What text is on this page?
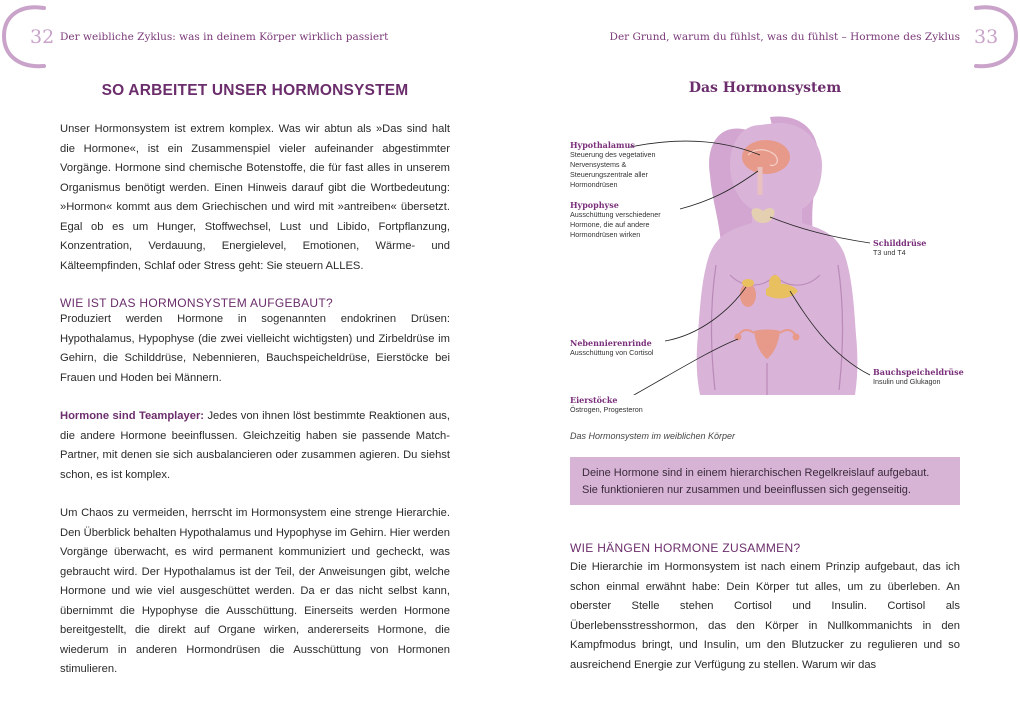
32	33
Der weibliche Zyklus: was in deinem Körper wirklich passiert	Der Grund, warum du fühlst, was du fühlst – Hormone des Zyklus
SO ARBEITET UNSER HORMONSYSTEM

Unser Hormonsystem ist extrem komplex. Was wir abtun als »Das sind halt die Hormone«, ist ein Zusammenspiel vieler aufeinander abgestimmter Vorgänge. Hormone sind chemische Botenstoffe, die für fast alles in unserem Organismus benötigt werden. Einen Hinweis darauf gibt die Wortbedeutung: »Hormon« kommt aus dem Griechischen und wird mit »antreiben« übersetzt. Egal ob es um Hunger, Stoffwechsel, Lust und Libido, Fortpflanzung, Konzentration, Verdauung, Energielevel, Emotionen, Wärme- und Kälteempfinden, Schlaf oder Stress geht: Sie steuern ALLES.

WIE IST DAS HORMONSYSTEM AUFGEBAUT?

Produziert werden Hormone in sogenannten endokrinen Drüsen: Hypothalamus, Hypophyse (die zwei vielleicht wichtigsten) und Zirbeldrüse im Gehirn, die Schilddrüse, Nebennieren, Bauchspeicheldrüse, Eierstöcke bei Frauen und Hoden bei Männern.

Hormone sind Teamplayer: Jedes von ihnen löst bestimmte Reaktionen aus, die andere Hormone beeinflussen. Gleichzeitig haben sie passende Match-Partner, mit denen sie sich ausbalancieren oder zusammen agieren. Du siehst schon, es ist komplex.

Um Chaos zu vermeiden, herrscht im Hormonsystem eine strenge Hierarchie. Den Überblick behalten Hypothalamus und Hypophyse im Gehirn. Hier werden Vorgänge überwacht, es wird permanent kommuniziert und gecheckt, was gebraucht wird. Der Hypothalamus ist der Teil, der Anweisungen gibt, welche Hormone und wie viel ausgeschüttet werden. Da er das nicht selbst kann, übernimmt die Hypophyse die Ausschüttung. Einerseits werden Hormone bereitgestellt, die direkt auf Organe wirken, andererseits Hormone, die wiederum in anderen Hormondrüsen die Ausschüttung von Hormonen stimulieren.

Das Hormonsystem
Hypothalamus
Steuerung des vegetativen Nervensystems & Steuerungszentrale aller Hormondrüsen
Hypophyse
Ausschüttung verschiedener Hormone, die auf andere Hormondrüsen wirken
Schilddrüse
T3 und T4
Nebennierenrinde
Ausschüttung von Cortisol
Bauchspeicheldrüse
Insulin und Glukagon
Eierstöcke
Östrogen, Progesteron
Das Hormonsystem im weiblichen Körper
Deine Hormone sind in einem hierarchischen Regelkreislauf aufgebaut. Sie funktionieren nur zusammen und beeinflussen sich gegenseitig.
WIE HÄNGEN HORMONE ZUSAMMEN?

Die Hierarchie im Hormonsystem ist nach einem Prinzip aufgebaut, das ich schon einmal erwähnt habe: Dein Körper tut alles, um zu überleben. An oberster Stelle stehen Cortisol und Insulin. Cortisol als Überlebensstresshormon, das den Körper in Nullkommanichts in den Kampfmodus bringt, und Insulin, um den Blutzucker zu regulieren und so ausreichend Energie zur Verfügung zu stellen. Warum wir das
